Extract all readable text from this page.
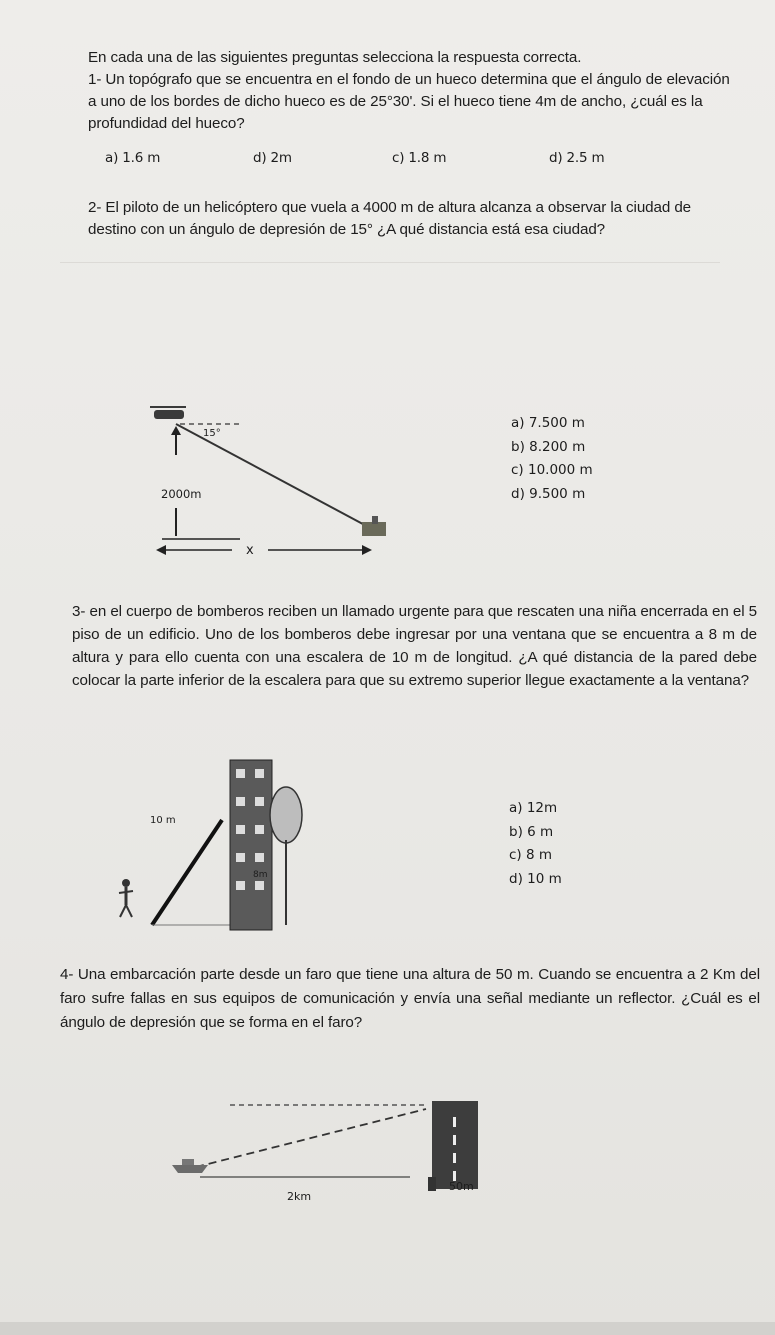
En cada una de las siguientes preguntas selecciona la respuesta correcta.

1- Un topógrafo que se encuentra en el fondo de un hueco determina que el ángulo de elevación a uno de los bordes de dicho hueco es de 25°30'. Si el hueco tiene 4m de ancho, ¿cuál es la profundidad del hueco?

a) 1.6 m	d) 2m	c) 1.8 m	d) 2.5 m

2- El piloto de un helicóptero que vuela a 4000 m de altura alcanza a observar la ciudad de destino con un ángulo de depresión de 15° ¿A qué distancia está esa ciudad?

15°
2000m
x
a) 7.500 m
b) 8.200 m
c) 10.000 m
d) 9.500 m

3- en el cuerpo de bomberos reciben un llamado urgente para que rescaten una niña encerrada en el 5 piso de un edificio. Uno de los bomberos debe ingresar por una ventana que se encuentra a 8 m de altura y para ello cuenta con una escalera de 10 m de longitud. ¿A qué distancia de la pared debe colocar la parte inferior de la escalera para que su extremo superior llegue exactamente a la ventana?

10 m
8m
a) 12m
b) 6 m
c) 8 m
d) 10 m

4- Una embarcación parte desde un faro que tiene una altura de 50 m. Cuando se encuentra a 2 Km del faro sufre fallas en sus equipos de comunicación y envía una señal mediante un reflector. ¿Cuál es el ángulo de depresión que se forma en el faro?

2km
50m
